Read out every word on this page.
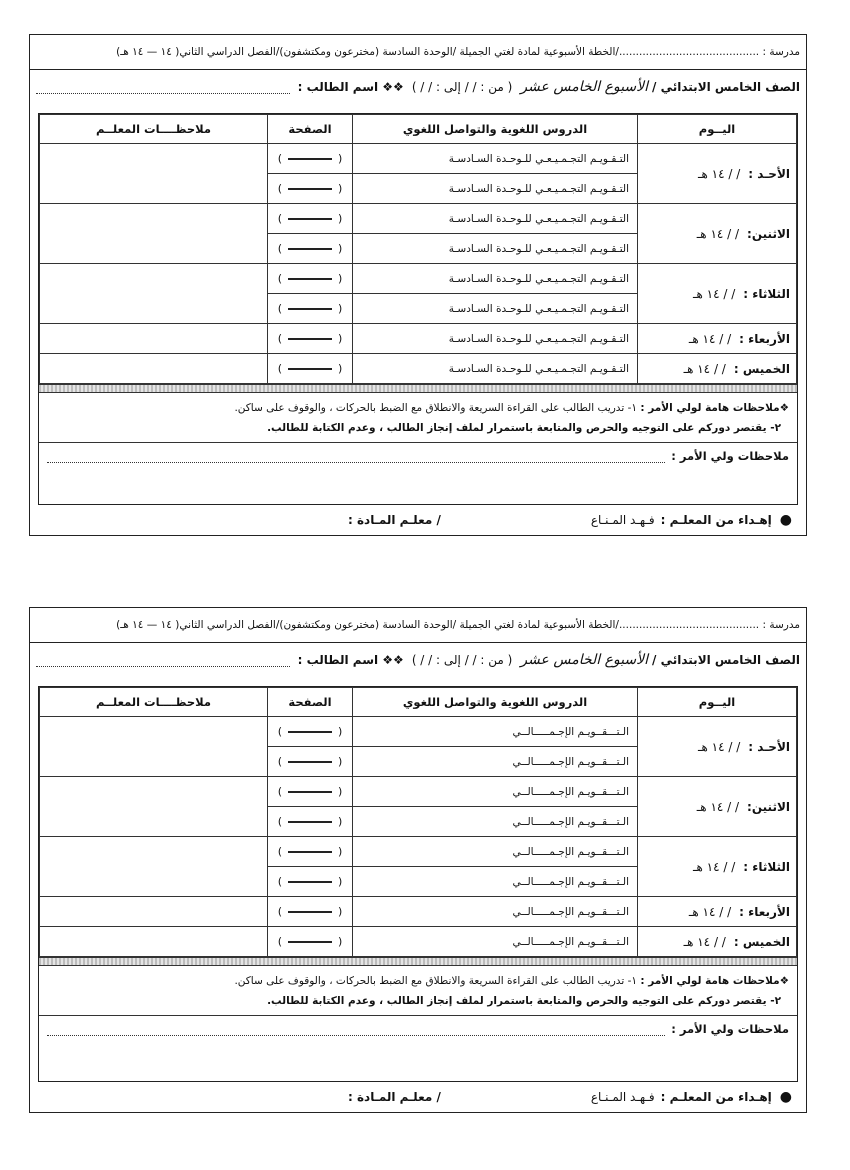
مدرسة : ........................................../الخطة الأسبوعية لمادة لغتي الجميلة /الوحدة السادسة (مخترعون ومكتشفون)/الفصل الدراسي الثاني( ١٤ — ١٤ هـ)
الصف الخامس الابتدائي /
الأسبوع الخامس عشر
( من : / / إلى : / / )
❖❖ اسم الطالب :
اليــوم	الدروس اللغوية والتواصل اللغوي	الصفحة	ملاحظــــات المعلــم
الأحـد :/ / ١٤ هـ	التـقـويـم التجـمـيـعـي للـوحـدة السـادسـة	()	
	التـقـويـم التجـمـيـعـي للـوحـدة السـادسـة	()	
الاثنين:/ / ١٤ هـ	التـقـويـم التجـمـيـعـي للـوحـدة السـادسـة	()	
	التـقـويـم التجـمـيـعـي للـوحـدة السـادسـة	()	
الثلاثاء :/ / ١٤ هـ	التـقـويـم التجـمـيـعـي للـوحـدة السـادسـة	()	
	التـقـويـم التجـمـيـعـي للـوحـدة السـادسـة	()	
الأربعاء :/ / ١٤ هـ	التـقـويـم التجـمـيـعـي للـوحـدة السـادسـة	()	
الخميس :/ / ١٤ هـ	التـقـويـم التجـمـيـعـي للـوحـدة السـادسـة	()	
❖ملاحظات هامة لولي الأمر : ١- تدريب الطالب على القراءة السريعة والانطلاق مع الضبط بالحركات ، والوقوف على ساكن.
٢- يقتصر دوركم على التوجيه والحرص والمتابعة باستمرار لملف إنجاز الطالب ، وعدم الكتابة للطالب.
ملاحظات ولي الأمر :
●
إهـداء من المعلـم :
فـهـد المـنـاع
/ معلـم المـادة :
مدرسة : ........................................../الخطة الأسبوعية لمادة لغتي الجميلة /الوحدة السادسة (مخترعون ومكتشفون)/الفصل الدراسي الثاني( ١٤ — ١٤ هـ)
الصف الخامس الابتدائي /
الأسبوع الخامس عشر
( من : / / إلى : / / )
❖❖ اسم الطالب :
اليــوم	الدروس اللغوية والتواصل اللغوي	الصفحة	ملاحظــــات المعلــم
الأحـد :/ / ١٤ هـ	الـتـــقــويـم الإجـمـــــالــي	()	
	الـتـــقــويـم الإجـمـــــالــي	()	
الاثنين:/ / ١٤ هـ	الـتـــقــويـم الإجـمـــــالــي	()	
	الـتـــقــويـم الإجـمـــــالــي	()	
الثلاثاء :/ / ١٤ هـ	الـتـــقــويـم الإجـمـــــالــي	()	
	الـتـــقــويـم الإجـمـــــالــي	()	
الأربعاء :/ / ١٤ هـ	الـتـــقــويـم الإجـمـــــالــي	()	
الخميس :/ / ١٤ هـ	الـتـــقــويـم الإجـمـــــالــي	()	
❖ملاحظات هامة لولي الأمر : ١- تدريب الطالب على القراءة السريعة والانطلاق مع الضبط بالحركات ، والوقوف على ساكن.
٢- يقتصر دوركم على التوجيه والحرص والمتابعة باستمرار لملف إنجاز الطالب ، وعدم الكتابة للطالب.
ملاحظات ولي الأمر :
●
إهـداء من المعلـم :
فـهـد المـنـاع
/ معلـم المـادة :
